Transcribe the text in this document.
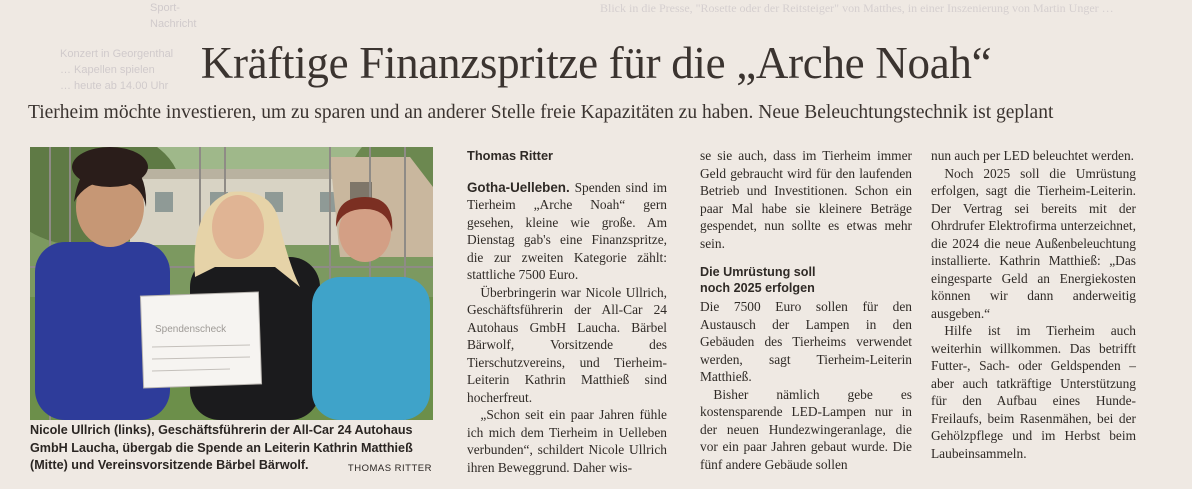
Blick in die Presse, "Rosette oder der Reitsteiger" von Matthes, in einer Inszenierung von Martin Unger …
Sport-Nachricht
Konzert in Georgenthal
… Kapellen spielen
… heute ab 14.00 Uhr Kräftige Finanzspritze für die „Arche Noah“
Tierheim möchte investieren, um zu sparen und an anderer Stelle freie Kapazitäten zu haben. Neue Beleuchtungstechnik ist geplant
Spendenscheck
Nicole Ullrich (links), Geschäftsführerin der All-Car 24 Autohaus GmbH Laucha, übergab die Spende an Leiterin Kathrin Matthieß (Mitte) und Vereinsvorsitzende Bärbel Bärwolf.	THOMAS RITTER
Thomas Ritter

Gotha-Uelleben. Spenden sind im Tierheim „Arche Noah“ gern gesehen, kleine wie große. Am Dienstag gab's eine Finanzspritze, die zur zweiten Kategorie zählt: stattliche 7500 Euro.

Überbringerin war Nicole Ullrich, Geschäftsführerin der All-Car 24 Autohaus GmbH Laucha. Bärbel Bärwolf, Vorsitzende des Tierschutzvereins, und Tierheim-Leiterin Kathrin Matthieß sind hocherfreut.

„Schon seit ein paar Jahren fühle ich mich dem Tierheim in Uelleben verbunden“, schildert Nicole Ullrich ihren Beweggrund. Daher wis-

se sie auch, dass im Tierheim immer Geld gebraucht wird für den laufenden Betrieb und Investitionen. Schon ein paar Mal habe sie kleinere Beträge gespendet, nun sollte es etwas mehr sein.

Die Umrüstung soll
noch 2025 erfolgen

Die 7500 Euro sollen für den Austausch der Lampen in den Gebäuden des Tierheims verwendet werden, sagt Tierheim-Leiterin Matthieß.

Bisher nämlich gebe es kostensparende LED-Lampen nur in der neuen Hundezwingeranlage, die vor ein paar Jahren gebaut wurde. Die fünf andere Gebäude sollen

nun auch per LED beleuchtet werden.

Noch 2025 soll die Umrüstung erfolgen, sagt die Tierheim-Leiterin. Der Vertrag sei bereits mit der Ohrdrufer Elektrofirma unterzeichnet, die 2024 die neue Außenbeleuchtung installierte. Kathrin Matthieß: „Das eingesparte Geld an Energiekosten können wir dann anderweitig ausgeben.“

Hilfe ist im Tierheim auch weiterhin willkommen. Das betrifft Futter-, Sach- oder Geldspenden – aber auch tatkräftige Unterstützung für den Aufbau eines Hunde-Freilaufs, beim Rasenmähen, bei der Gehölzpflege und im Herbst beim Laubeinsammeln.
